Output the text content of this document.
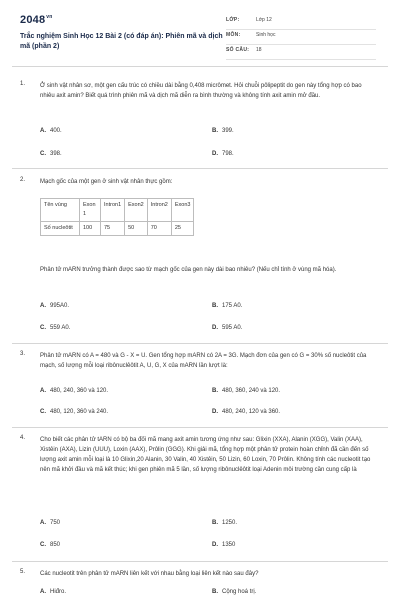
$2048^{vn}$
Trắc nghiệm Sinh Học 12 Bài 2 (có đáp án): Phiên mã và dịch mã (phần 2)
LỚP:	Lớp 12
MÔN:	Sinh học
SỐ CÂU: 18
1. Ở sinh vật nhân sơ, một gen cấu trúc có chiều dài bằng 0,408 micrômet. Hỏi chuỗi pôlipeptit do gen này tổng hợp có bao nhiêu axit amin? Biết quá trình phiên mã và dịch mã diễn ra bình thường và không tính axit amin mở đầu.
A. 400.	B. 399.
C. 398.	D. 798.
2. Mạch gốc của một gen ở sinh vật nhân thực gồm:
Tên vùng	Exon 1	Intron1	Exon2	Intron2	Exon3
Số nucleôtit	100	75	50	70	25
Phân tử mARN trưởng thành được sao từ mạch gốc của gen này dài bao nhiêu? (Nếu chỉ tính ở vùng mã hóa).
A. 995A0.	B. 175 A0.
C. 559 A0.	D. 595 A0.
3. Phân tử mARN có A = 480 và G - X = U. Gen tổng hợp mARN có 2A = 3G. Mạch đơn của gen có G = 30% số nucleôtit của mạch, số lượng mỗi loại ribônuclêôtit A, U, G, X của mARN lần lượt là:
A. 480, 240, 360 và 120.	B. 480, 360, 240 và 120.
C. 480, 120, 360 và 240.	D. 480, 240, 120 và 360.
4. Cho biết các phân tử tARN có bộ ba đối mã mang axit amin tương ứng như sau: Glixin (XXA), Alanin (XGG), Valin (XAA), Xistêin (AXA), Lizin (UUU), Loxin (AAX), Prôlin (GGG). Khi giải mã, tổng hợp một phân tử protein hoàn chỉnh đã cần đến số lượng axit amin mỗi loại là 10 Glixin,20 Alanin, 30 Valin, 40 Xistêin, 50 Lizin, 60 Loxin, 70 Prôlin. Không tính các nucleotit tạo nên mã khởi đầu và mã kết thúc; khi gen phiên mã 5 lần, số lượng ribônuclêôtit loại Adenin môi trường cần cung cấp là
A. 750	B. 1250.
C. 850	D. 1350
5. Các nucleotit trên phân tử mARN liên kết với nhau bằng loại liên kết nào sau đây?
A. Hiđro.	B. Cộng hoá trị.
